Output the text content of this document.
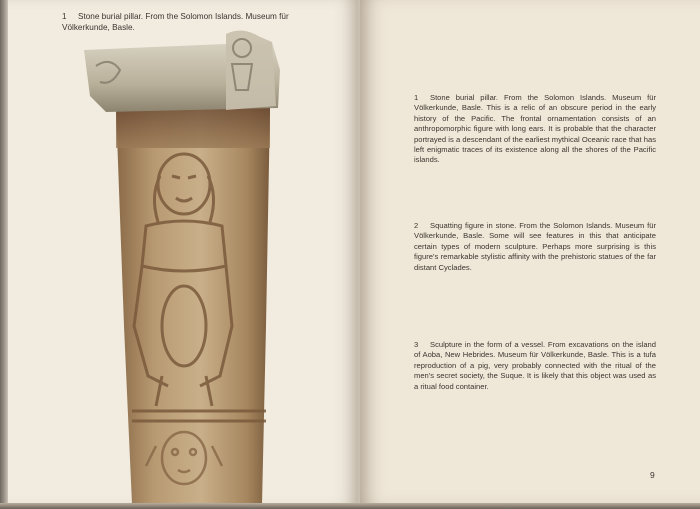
1 Stone burial pillar. From the Solomon Islands. Museum für Völkerkunde, Basle.
1 Stone burial pillar. From the Solomon Islands. Museum für Völkerkunde, Basle. This is a relic of an obscure period in the early history of the Pacific. The frontal ornamentation consists of an anthropomorphic figure with long ears. It is probable that the character portrayed is a descendant of the earliest mythical Oceanic race that has left enigmatic traces of its existence along all the shores of the Pacific islands.
2 Squatting figure in stone. From the Solomon Islands. Museum für Völkerkunde, Basle. Some will see features in this that anticipate certain types of modern sculpture. Perhaps more surprising is this figure's remarkable stylistic affinity with the prehistoric statues of the far distant Cyclades.
3 Sculpture in the form of a vessel. From excavations on the island of Aoba, New Hebrides. Museum für Völkerkunde, Basle. This is a tufa reproduction of a pig, very probably connected with the ritual of the men's secret society, the Suque. It is likely that this object was used as a ritual food container.
9
